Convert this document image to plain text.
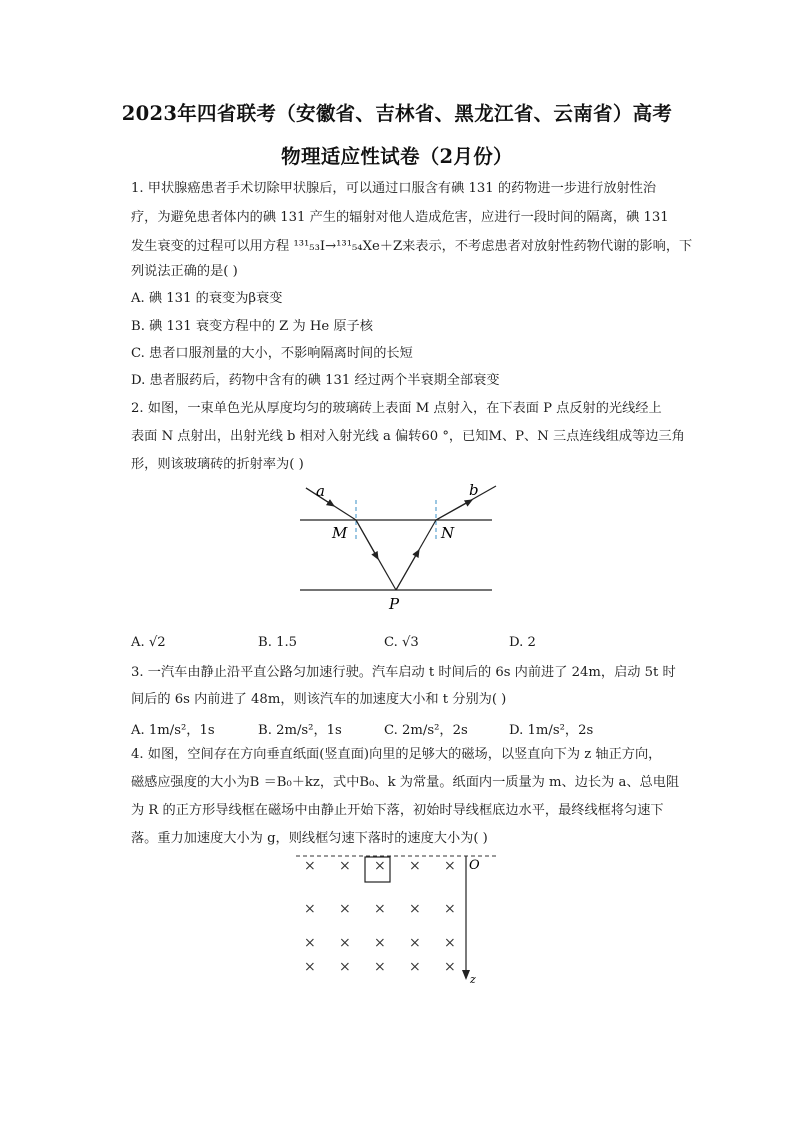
2023年四省联考（安徽省、吉林省、黑龙江省、云南省）高考
物理适应性试卷（2月份）
1. 甲状腺癌患者手术切除甲状腺后，可以通过口服含有碘 131 的药物进一步进行放射性治
疗，为避免患者体内的碘 131 产生的辐射对他人造成危害，应进行一段时间的隔离，碘 131
发生衰变的过程可以用方程 ¹³¹₅₃I→¹³¹₅₄Xe＋Z来表示，不考虑患者对放射性药物代谢的影响，下
列说法正确的是( )
A. 碘 131 的衰变为β衰变
B. 碘 131 衰变方程中的 Z 为 He 原子核
C. 患者口服剂量的大小，不影响隔离时间的长短
D. 患者服药后，药物中含有的碘 131 经过两个半衰期全部衰变
2. 如图，一束单色光从厚度均匀的玻璃砖上表面 M 点射入，在下表面 P 点反射的光线经上
表面 N 点射出，出射光线 b 相对入射光线 a 偏转60 °，已知M、P、N 三点连线组成等边三角
形，则该玻璃砖的折射率为( )
a	b
M	N
P
A. √2	B. 1.5	C. √3	D. 2
3. 一汽车由静止沿平直公路匀加速行驶。汽车启动 t 时间后的 6s 内前进了 24m，启动 5t 时
间后的 6s 内前进了 48m，则该汽车的加速度大小和 t 分别为( )
A. 1m/s²，1s	B. 2m/s²，1s	C. 2m/s²，2s	D. 1m/s²，2s
4. 如图，空间存在方向垂直纸面(竖直面)向里的足够大的磁场，以竖直向下为 z 轴正方向，
磁感应强度的大小为B ＝B₀＋kz，式中B₀、k 为常量。纸面内一质量为 m、边长为 a、总电阻
为 R 的正方形导线框在磁场中由静止开始下落，初始时导线框底边水平，最终线框将匀速下
落。重力加速度大小为 g，则线框匀速下落时的速度大小为( )
O
z
× × × × ×
× × × × ×
× × × × ×
× × × × ×
